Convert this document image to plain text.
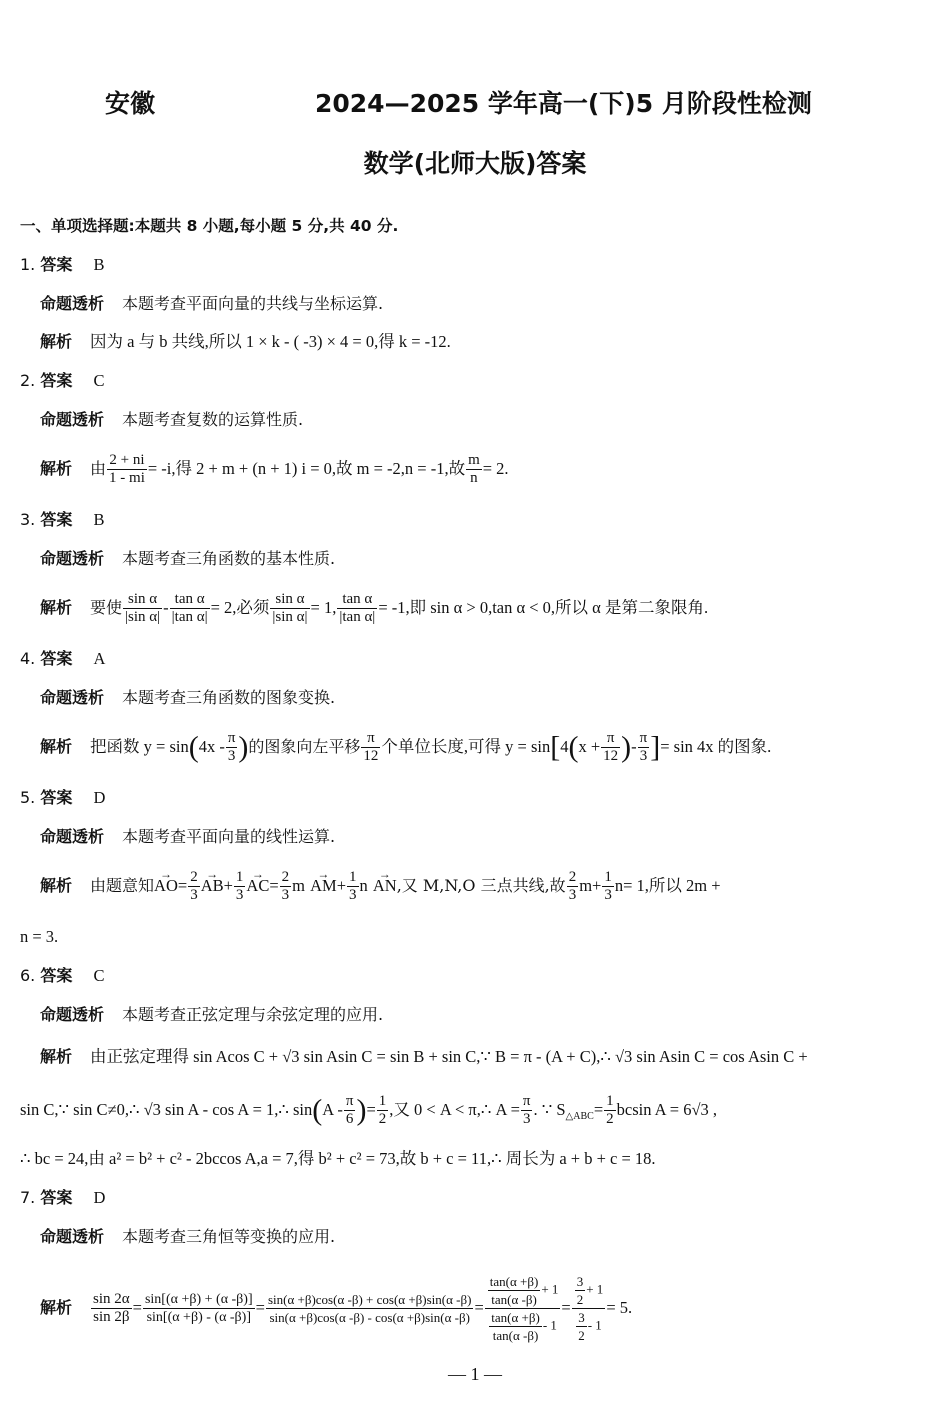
安徽	2024—2025 学年高一(下)5 月阶段性检测
数学(北师大版)答案
一、单项选择题:本题共 8 小题,每小题 5 分,共 40 分.
1. 答案 B
命题透析 本题考查平面向量的共线与坐标运算.
解析 因为 a 与 b 共线,所以 1 × k - ( -3) × 4 = 0,得 k = -12.
2. 答案 C
命题透析 本题考查复数的运算性质.
解析 由 $\frac{2 + ni}{1 - mi} = -i$,得 2 + m + (n + 1) i = 0,故 m = -2,n = -1,故 $\frac{m}{n} = 2$.
3. 答案 B
命题透析 本题考查三角函数的基本性质.
解析 要使 $\frac{\text{sin α}}{\text{|sin α|}} - \frac{\text{tan α}}{\text{|tan α|}} = 2$,必须 $\frac{\text{sin α}}{\text{|sin α|}} = 1$, $\frac{\text{tan α}}{\text{|tan α|}} = -1$,即 sin α > 0,tan α < 0,所以 α 是第二象限角.
4. 答案 A
命题透析 本题考查三角函数的图象变换.
解析 把函数 $y = \sin(4x - \frac{\pi}{3}$ )的图象向左平移 $\frac{\pi}{12}$ 个单位长度,可得 $y = \sin[4(x + \frac{\pi}{12}$ )- $\frac{\pi}{3}$ ]= sin 4x 的图象.
5. 答案 D
命题透析 本题考查平面向量的线性运算.
解析 由题意知→ $AO= \frac{2}{3}$
→ $AB+ \frac{1}{3}$
→ $AC= \frac{2}{3}$ $m \to AM+ \frac{1}{3}$ n → AN,又 M,N,O 三点共线,故 $\frac{2}{3} m+ \frac{1}{3} n= 1$,所以 2m +
n = 3.
6. 答案 C
命题透析 本题考查正弦定理与余弦定理的应用.
解析 由正弦定理得 sin Acos C + √3 sin Asin C = sin B + sin C,∵ B = π - (A + C),∴ √3 sin Asin C = cos Asin C +
sin C,∵ sin C≠0,∴ √3 sin A - cos A = 1,∴ $\sin(A - \frac{\pi}{6}$ )= $\frac{1}{2}$ ,又 0 < A < π,∴ $A = \frac{\pi}{3}$ . ∵ $S_{\triangle ABC}= \frac{1}{2}$ bcsin A = 6√3 ,
∴ bc = 24,由 a² = b² + c² - 2bccos A,a = 7,得 b² + c² = 73,故 b + c = 11,∴ 周长为 a + b + c = 18.
7. 答案 D
命题透析 本题考查三角恒等变换的应用.
解析 $\frac{\sin 2\alpha}{\sin 2\beta} = \frac{\sin[(\alpha +\beta) + (\alpha -\beta)]}{\sin[(\alpha +\beta) - (\alpha -\beta)]} = \frac{\sin(\alpha +\beta)\cos(\alpha -\beta) + \cos(\alpha +\beta)\sin(\alpha -\beta)}{\sin(\alpha +\beta)\cos(\alpha -\beta) - \cos(\alpha +\beta)\sin(\alpha -\beta)} = \frac{\frac{\tan(\alpha +\beta)}{\tan(\alpha -\beta)} + 1}{\frac{\tan(\alpha +\beta)}{\tan(\alpha -\beta)} - 1} = \frac{\frac{3}{2} + 1}{\frac{3}{2} - 1} = 5$.
— 1 —
